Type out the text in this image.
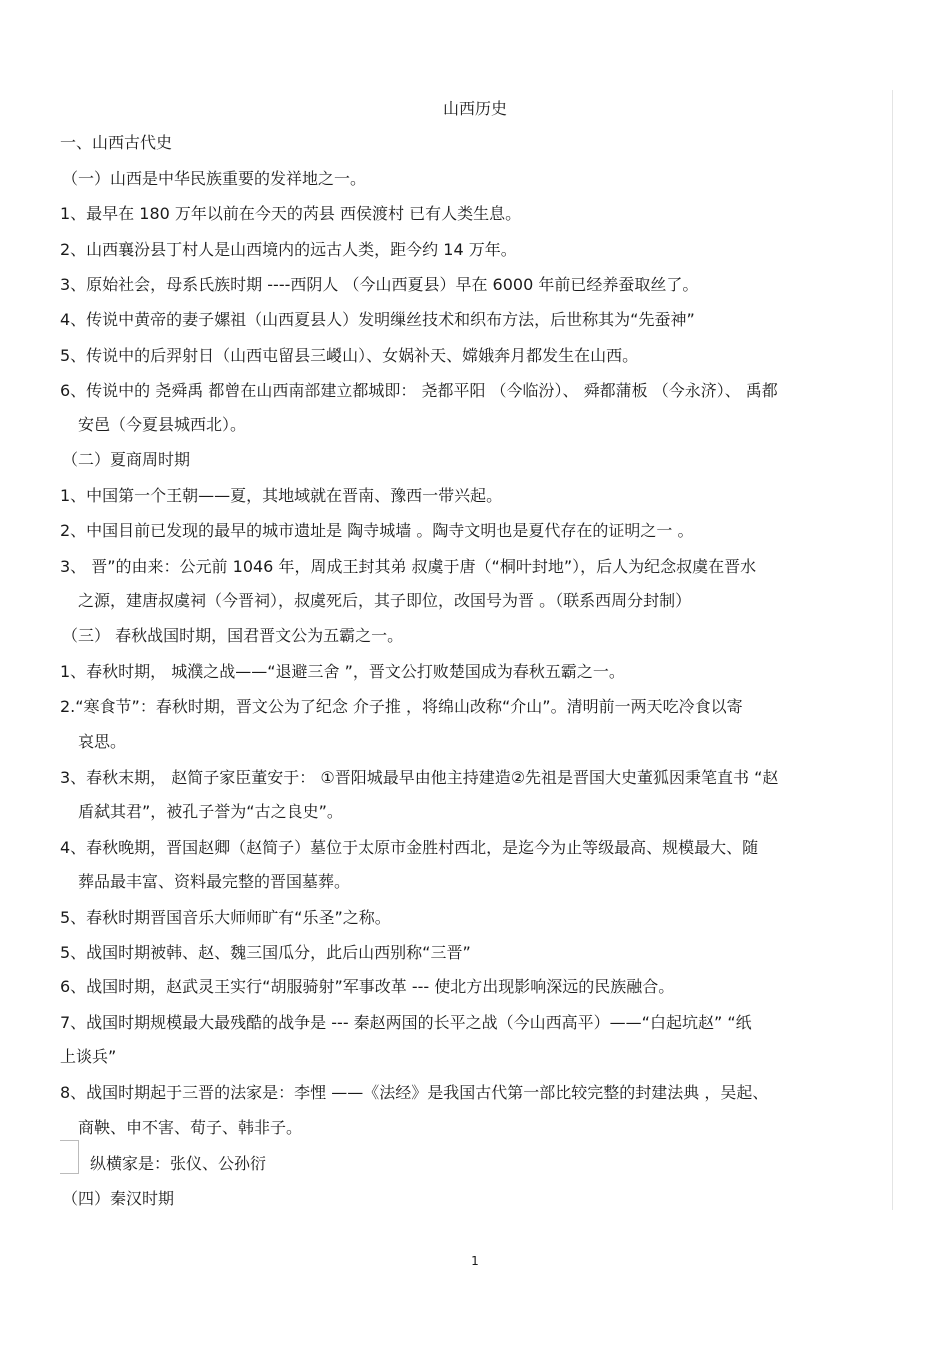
山西历史
一、山西古代史
（一）山西是中华民族重要的发祥地之一。
1、最早在 180 万年以前在今天的芮县 西侯渡村 已有人类生息。
2、山西襄汾县丁村人是山西境内的远古人类，距今约 14 万年。
3、原始社会，母系氏族时期 ----西阴人 （今山西夏县）早在 6000 年前已经养蚕取丝了。
4、传说中黄帝的妻子嫘祖（山西夏县人）发明缫丝技术和织布方法，后世称其为“先蚕神”
5、传说中的后羿射日（山西屯留县三嵕山）、女娲补天、嫦娥奔月都发生在山西。
6、传说中的 尧舜禹 都曾在山西南部建立都城即： 尧都平阳 （今临汾）、 舜都蒲板 （今永济）、 禹都
安邑（今夏县城西北）。
（二）夏商周时期
1、中国第一个王朝——夏，其地域就在晋南、豫西一带兴起。
2、中国目前已发现的最早的城市遗址是 陶寺城墙 。陶寺文明也是夏代存在的证明之一 。
3、 晋”的由来：公元前 1046 年，周成王封其弟 叔虞于唐（“桐叶封地”），后人为纪念叔虞在晋水
之源，建唐叔虞祠（今晋祠），叔虞死后，其子即位，改国号为晋 。（联系西周分封制）
（三） 春秋战国时期，国君晋文公为五霸之一。
1、春秋时期， 城濮之战——“退避三舍 ”，晋文公打败楚国成为春秋五霸之一。
2.“寒食节”：春秋时期，晋文公为了纪念 介子推 ，将绵山改称“介山”。清明前一两天吃冷食以寄
哀思。
3、春秋末期， 赵简子家臣董安于： ①晋阳城最早由他主持建造②先祖是晋国大史董狐因秉笔直书 “赵
盾弑其君”，被孔子誉为“古之良史”。
4、春秋晚期，晋国赵卿（赵简子）墓位于太原市金胜村西北，是迄今为止等级最高、规模最大、随
葬品最丰富、资料最完整的晋国墓葬。
5、春秋时期晋国音乐大师师旷有“乐圣”之称。
5、战国时期被韩、赵、魏三国瓜分，此后山西别称“三晋”
6、战国时期，赵武灵王实行“胡服骑射”军事改革 --- 使北方出现影响深远的民族融合。
7、战国时期规模最大最残酷的战争是 --- 秦赵两国的长平之战（今山西高平）——“白起坑赵” “纸
上谈兵”
8、战国时期起于三晋的法家是：李悝 ——《法经》是我国古代第一部比较完整的封建法典 ，吴起、
商鞅、申不害、荀子、韩非子。
纵横家是：张仪、公孙衍
（四）秦汉时期
1
